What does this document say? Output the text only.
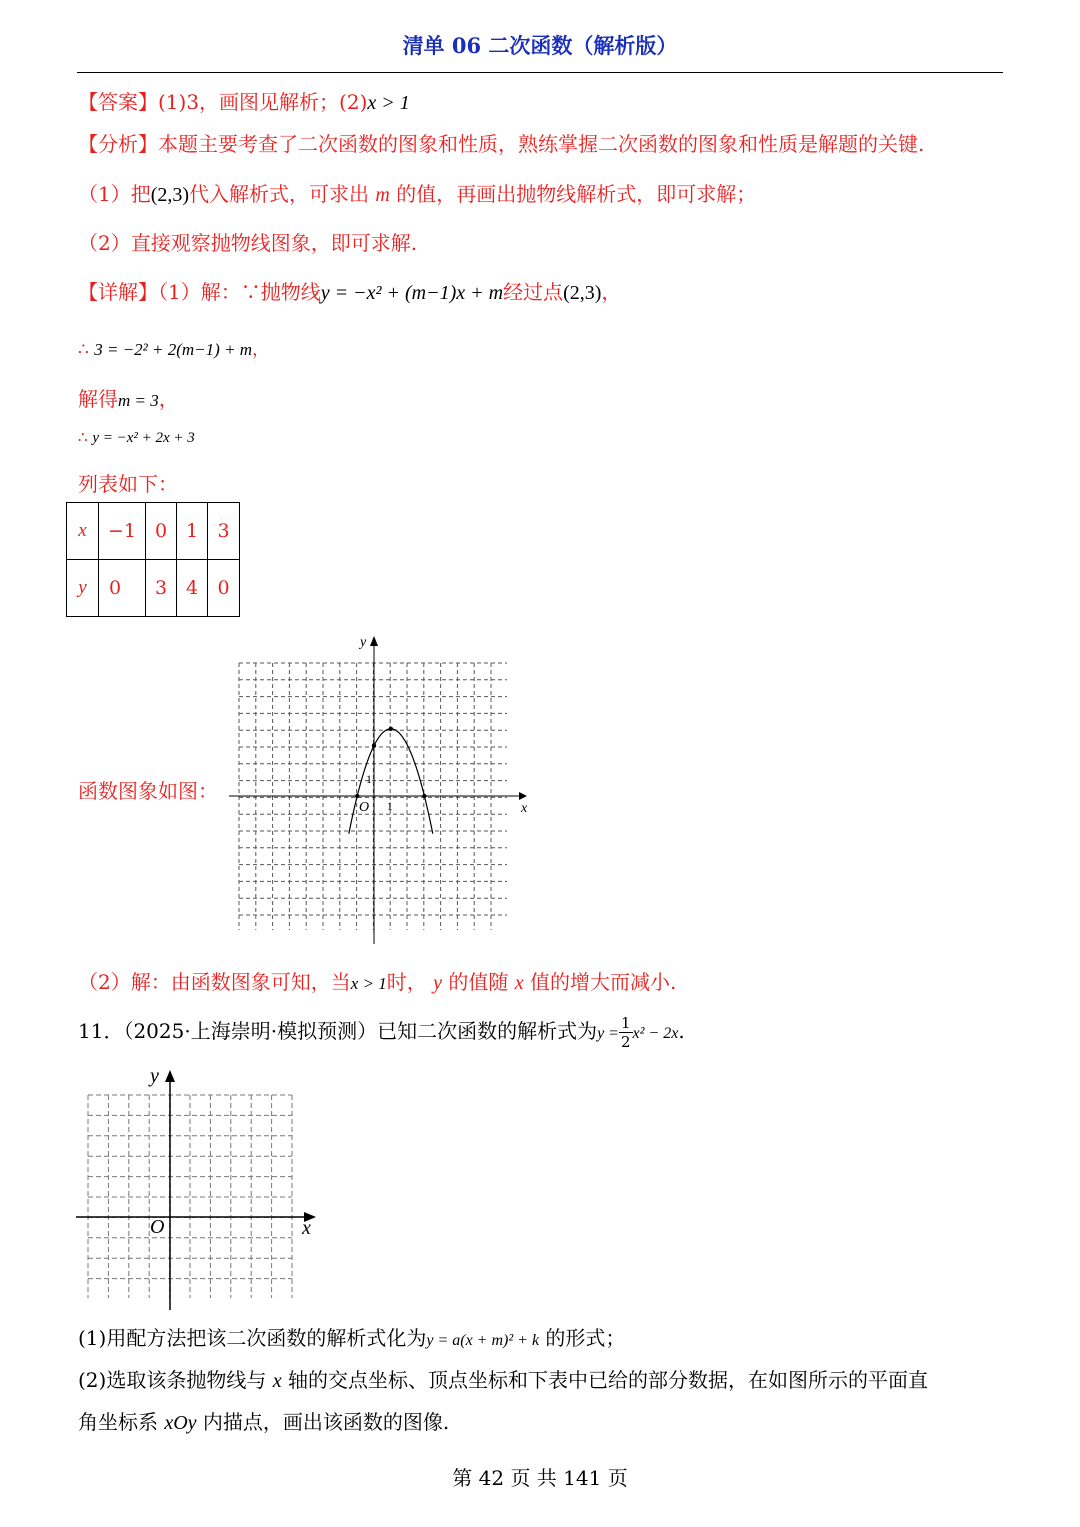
清单 06 二次函数（解析版）
【答案】(1)3，画图见解析；(2)x > 1
【分析】本题主要考查了二次函数的图象和性质，熟练掌握二次函数的图象和性质是解题的关键.
（1）把(2,3)代入解析式，可求出 m 的值，再画出抛物线解析式，即可求解；
（2）直接观察抛物线图象，即可求解.
【详解】（1）解：∵抛物线y = −x² + (m−1)x + m经过点(2,3)，
∴ 3 = −2² + 2(m−1) + m，
解得m = 3，
∴ y = −x² + 2x + 3
列表如下：
x	−1	0	1	3
y	0	3	4	0
函数图象如图：
x
y
O 1
1
（2）解：由函数图象可知，当x > 1时， y 的值随 x 值的增大而减小.
11．（2025·上海崇明·模拟预测）已知二次函数的解析式为$y = \frac{1}{2} x^2 - 2x$.
x
y
O
(1)用配方法把该二次函数的解析式化为y = a(x + m)² + k 的形式；
(2)选取该条抛物线与 x 轴的交点坐标、顶点坐标和下表中已给的部分数据，在如图所示的平面直
角坐标系 xOy 内描点，画出该函数的图像.
第 42 页 共 141 页
